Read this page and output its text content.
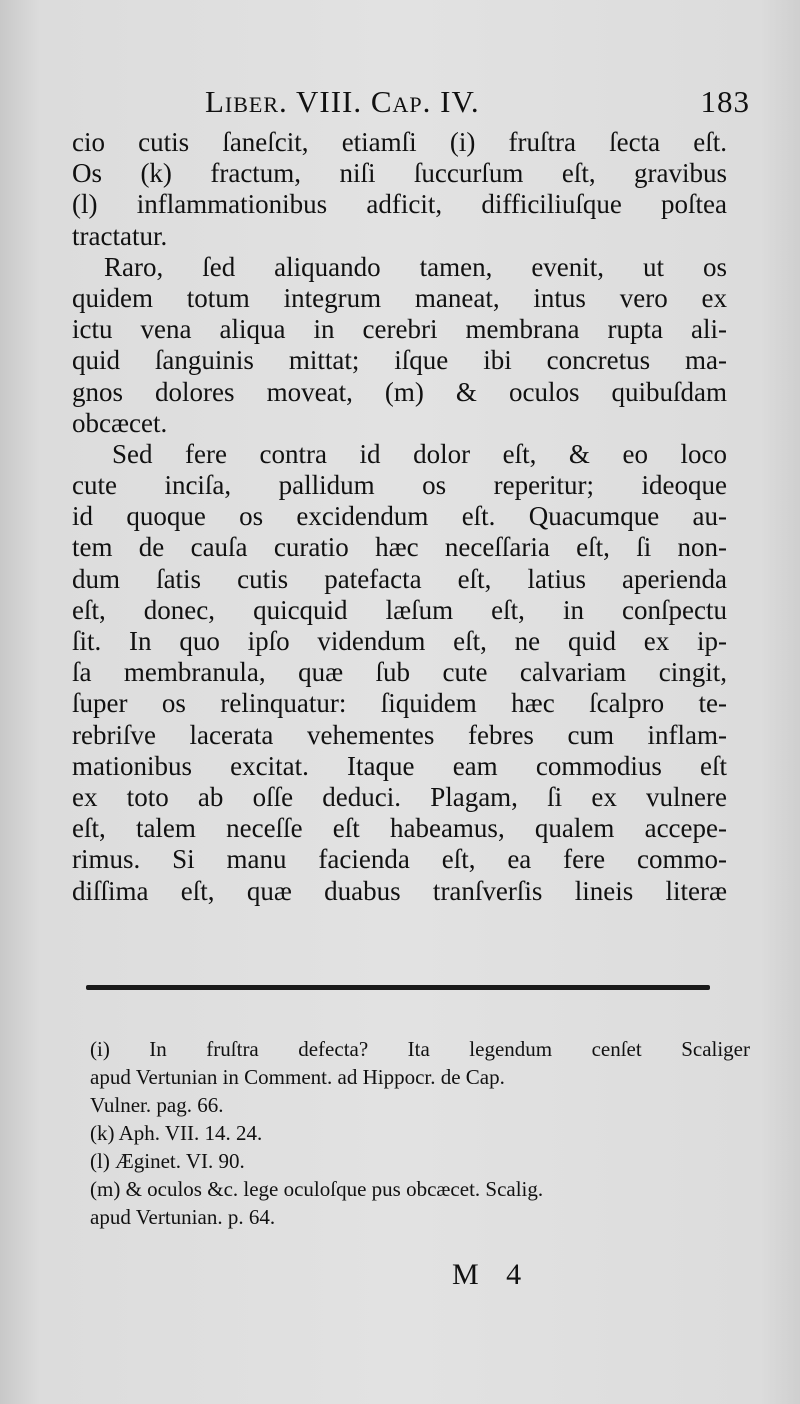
Liber. VIII. Cap. IV.	183
cio cutis ſaneſcit, etiamſi (i) fruſtra ſecta eſt.
Os (k) fractum, niſi ſuccurſum eſt, gravibus
(l) inflammationibus adficit, difficiliuſque poſtea
tractatur.
Raro, ſed aliquando tamen, evenit, ut os
quidem totum integrum maneat, intus vero ex
ictu vena aliqua in cerebri membrana rupta ali-
quid ſanguinis mittat; iſque ibi concretus ma-
gnos dolores moveat, (m) & oculos quibuſdam
obcæcet.
Sed fere contra id dolor eſt, & eo loco
cute inciſa, pallidum os reperitur; ideoque
id quoque os excidendum eſt. Quacumque au-
tem de cauſa curatio hæc neceſſaria eſt, ſi non-
dum ſatis cutis patefacta eſt, latius aperienda
eſt, donec, quicquid læſum eſt, in conſpectu
ſit. In quo ipſo videndum eſt, ne quid ex ip-
ſa membranula, quæ ſub cute calvariam cingit,
ſuper os relinquatur: ſiquidem hæc ſcalpro te-
rebriſve lacerata vehementes febres cum inflam-
mationibus excitat. Itaque eam commodius eſt
ex toto ab oſſe deduci. Plagam, ſi ex vulnere
eſt, talem neceſſe eſt habeamus, qualem accepe-
rimus. Si manu facienda eſt, ea fere commo-
diſſima eſt, quæ duabus tranſverſis lineis literæ
(i) In fruſtra defecta? Ita legendum cenſet Scaliger
apud Vertunian in Comment. ad Hippocr. de Cap.
Vulner. pag. 66.
(k) Aph. VII. 14. 24.
(l) Æginet. VI. 90.
(m) & oculos &c. lege oculoſque pus obcæcet. Scalig.
apud Vertunian. p. 64.
M 4
